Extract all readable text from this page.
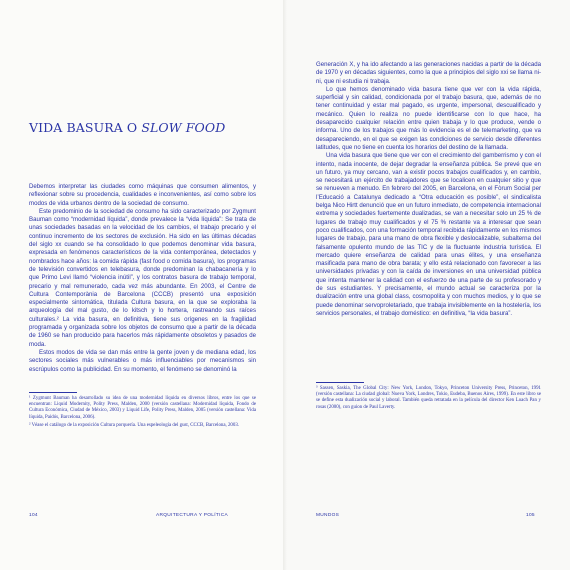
VIDA BASURA O SLOW FOOD

Debemos interpretar las ciudades como máquinas que consumen alimentos, y reflexionar sobre su procedencia, cualidades e inconvenientes, así como sobre los modos de vida urbanos dentro de la sociedad de consumo.

Este predominio de la sociedad de consumo ha sido caracterizado por Zygmunt Bauman como “modernidad líquida”, donde prevalece la “vida líquida”: Se trata de unas sociedades basadas en la velocidad de los cambios, el trabajo precario y el continuo incremento de los sectores de exclusión. Ha sido en las últimas décadas del siglo xx cuando se ha consolidado lo que podemos denominar vida basura, expresada en fenómenos característicos de la vida contemporánea, detectados y nombrados hace años: la comida rápida (fast food o comida basura), los programas de televisión convertidos en telebasura, donde predominan la chabacanería y lo que Primo Levi llamó “violencia inútil”, y los contratos basura de trabajo temporal, precario y mal remunerado, cada vez más abundante. En 2003, el Centre de Cultura Contemporània de Barcelona (CCCB) presentó una exposición especialmente sintomática, titulada Cultura basura, en la que se exploraba la arqueología del mal gusto, de lo kitsch y lo hortera, rastreando sus raíces culturales.² La vida basura, en definitiva, tiene sus orígenes en la fragilidad programada y organizada sobre los objetos de consumo que a partir de la década de 1960 se han producido para hacerlos más rápidamente obsoletos y pasados de moda.

Estos modos de vida se dan más entre la gente joven y de mediana edad, los sectores sociales más vulnerables o más influenciables por mecanismos sin escrúpulos como la publicidad. En su momento, el fenómeno se denominó la

¹ Zygmunt Bauman ha desarrollado su idea de una modernidad líquida en diversos libros, entre los que se encuentran: Liquid Modernity, Polity Press, Malden, 2000 (versión castellana: Modernidad líquida, Fondo de Cultura Económica, Ciudad de México, 2003) y Liquid Life, Polity Press, Malden, 2005 (versión castellana: Vida líquida, Paidós, Barcelona, 2006).

² Véase el catálogo de la exposición Cultura porquería. Una espeleología del gust, CCCB, Barcelona, 2003.

104	ARQUITECTURA Y POLÍTICA

Generación X, y ha ido afectando a las generaciones nacidas a partir de la década de 1970 y en décadas siguientes, como la que a principios del siglo xxi se llama ni-ni, que ni estudia ni trabaja.

Lo que hemos denominado vida basura tiene que ver con la vida rápida, superficial y sin calidad, condicionada por el trabajo basura, que, además de no tener continuidad y estar mal pagado, es urgente, impersonal, descualificado y mecánico. Quien lo realiza no puede identificarse con lo que hace, ha desaparecido cualquier relación entre quien trabaja y lo que produce, vende o informa. Uno de los trabajos que más lo evidencia es el de telemarketing, que va desapareciendo, en el que se exigen las condiciones de servicio desde diferentes latitudes, que no tiene en cuenta los horarios del destino de la llamada.

Una vida basura que tiene que ver con el crecimiento del gamberrismo y con el intento, nada inocente, de dejar degradar la enseñanza pública. Se prevé que en un futuro, ya muy cercano, van a existir pocos trabajos cualificados y, en cambio, se necesitará un ejército de trabajadores que se localicen en cualquier sitio y que se renueven a menudo. En febrero del 2005, en Barcelona, en el Fòrum Social per l’Educació a Catalunya dedicado a “Otra educación es posible”, el sindicalista belga Nico Hirtt denunció que en un futuro inmediato, de competencia internacional extrema y sociedades fuertemente dualizadas, se van a necesitar solo un 25 % de lugares de trabajo muy cualificados y el 75 % restante va a interesar que sean poco cualificados, con una formación temporal recibida rápidamente en los mismos lugares de trabajo, para una mano de obra flexible y deslocalizable, subalterna del falsamente opulento mundo de las TIC y de la fluctuante industria turística. El mercado quiere enseñanza de calidad para unas élites, y una enseñanza masificada para mano de obra barata; y ello está relacionado con favorecer a las universidades privadas y con la caída de inversiones en una universidad pública que intenta mantener la calidad con el esfuerzo de una parte de su profesorado y de sus estudiantes. Y precisamente, el mundo actual se caracteriza por la dualización entre una global class, cosmopolita y con muchos medios, y lo que se puede denominar servoproletariado, que trabaja invisiblemente en la hostelería, los servicios personales, el trabajo doméstico: en definitiva, “la vida basura”.

³ Sassen, Saskia, The Global City: New York, London, Tokyo, Princeton University Press, Princeton, 1991 (versión castellana: La ciudad global: Nueva York, Londres, Tokio, Eudeba, Buenos Aires, 1999). En este libro se se define esta dualización social y laboral. También queda retratada en la película del director Ken Loach Pan y rosas (2000), con guion de Paul Laverty.

MUNDOS	105
